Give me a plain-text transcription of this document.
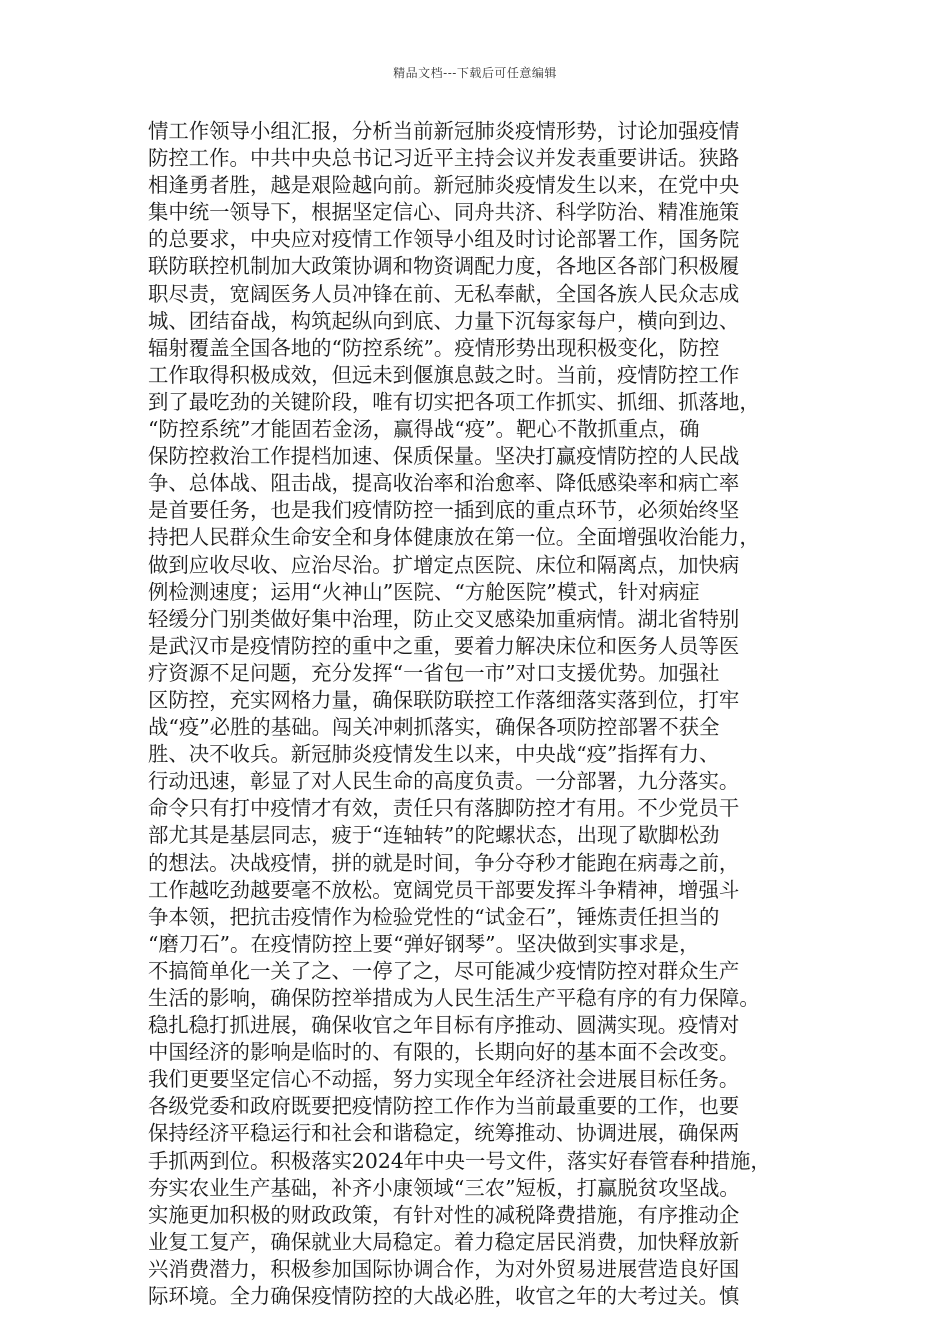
精品文档---下载后可任意编辑
情工作领导小组汇报，分析当前新冠肺炎疫情形势，讨论加强疫情
防控工作。中共中央总书记习近平主持会议并发表重要讲话。狭路
相逢勇者胜，越是艰险越向前。新冠肺炎疫情发生以来，在党中央
集中统一领导下，根据坚定信心、同舟共济、科学防治、精准施策
的总要求，中央应对疫情工作领导小组及时讨论部署工作，国务院
联防联控机制加大政策协调和物资调配力度，各地区各部门积极履
职尽责，宽阔医务人员冲锋在前、无私奉献，全国各族人民众志成
城、团结奋战，构筑起纵向到底、力量下沉每家每户，横向到边、
辐射覆盖全国各地的“防控系统”。疫情形势出现积极变化，防控
工作取得积极成效，但远未到偃旗息鼓之时。当前，疫情防控工作
到了最吃劲的关键阶段，唯有切实把各项工作抓实、抓细、抓落地，
“防控系统”才能固若金汤，赢得战“疫”。靶心不散抓重点，确
保防控救治工作提档加速、保质保量。坚决打赢疫情防控的人民战
争、总体战、阻击战，提高收治率和治愈率、降低感染率和病亡率
是首要任务，也是我们疫情防控一插到底的重点环节，必须始终坚
持把人民群众生命安全和身体健康放在第一位。全面增强收治能力，
做到应收尽收、应治尽治。扩增定点医院、床位和隔离点，加快病
例检测速度；运用“火神山”医院、“方舱医院”模式，针对病症
轻缓分门别类做好集中治理，防止交叉感染加重病情。湖北省特别
是武汉市是疫情防控的重中之重，要着力解决床位和医务人员等医
疗资源不足问题，充分发挥“一省包一市”对口支援优势。加强社
区防控，充实网格力量，确保联防联控工作落细落实落到位，打牢
战“疫”必胜的基础。闯关冲刺抓落实，确保各项防控部署不获全
胜、决不收兵。新冠肺炎疫情发生以来，中央战“疫”指挥有力、
行动迅速，彰显了对人民生命的高度负责。一分部署，九分落实。
命令只有打中疫情才有效，责任只有落脚防控才有用。不少党员干
部尤其是基层同志，疲于“连轴转”的陀螺状态，出现了歇脚松劲
的想法。决战疫情，拼的就是时间，争分夺秒才能跑在病毒之前，
工作越吃劲越要毫不放松。宽阔党员干部要发挥斗争精神，增强斗
争本领，把抗击疫情作为检验党性的“试金石”，锤炼责任担当的
“磨刀石”。在疫情防控上要“弹好钢琴”。坚决做到实事求是，
不搞简单化一关了之、一停了之，尽可能减少疫情防控对群众生产
生活的影响，确保防控举措成为人民生活生产平稳有序的有力保障。
稳扎稳打抓进展，确保收官之年目标有序推动、圆满实现。疫情对
中国经济的影响是临时的、有限的，长期向好的基本面不会改变。
我们更要坚定信心不动摇，努力实现全年经济社会进展目标任务。
各级党委和政府既要把疫情防控工作作为当前最重要的工作，也要
保持经济平稳运行和社会和谐稳定，统筹推动、协调进展，确保两
手抓两到位。积极落实2024年中央一号文件，落实好春管春种措施，
夯实农业生产基础，补齐小康领域“三农”短板，打赢脱贫攻坚战。
实施更加积极的财政政策，有针对性的减税降费措施，有序推动企
业复工复产，确保就业大局稳定。着力稳定居民消费，加快释放新
兴消费潜力，积极参加国际协调合作，为对外贸易进展营造良好国
际环境。全力确保疫情防控的大战必胜，收官之年的大考过关。慎
